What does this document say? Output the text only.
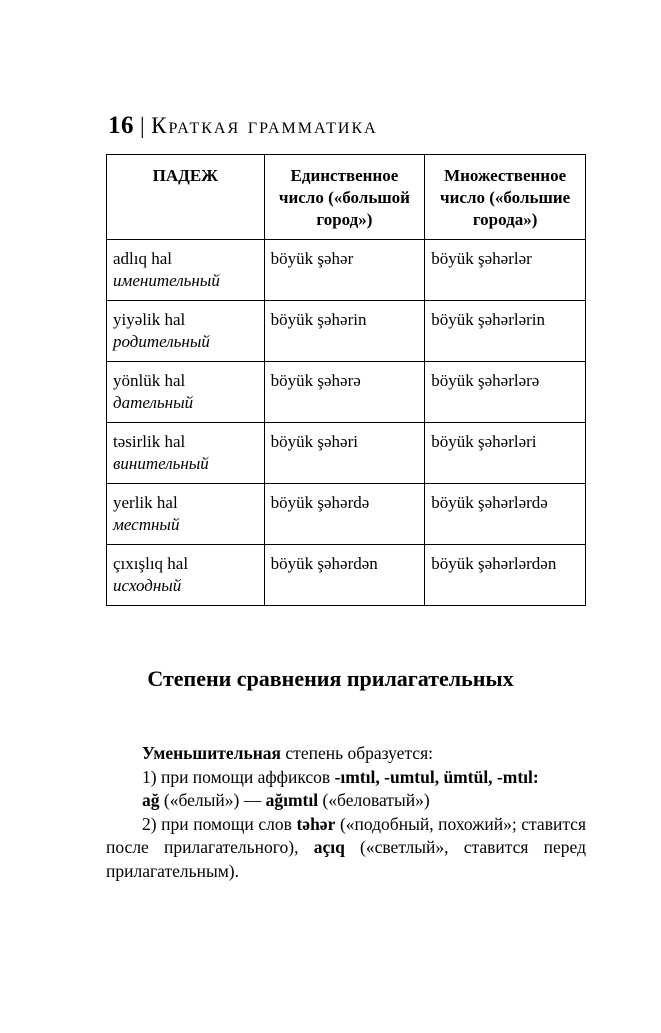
16 | Краткая грамматика
ПАДЕЖ	Единственное число («большой город»)	Множественное число («большие города»)
adlıq hal
именительный	böyük şəhər	böyük şəhərlər
yiyəlik hal
родительный	böyük şəhərin	böyük şəhərlərin
yönlük hal
дательный	böyük şəhərə	böyük şəhərlərə
təsirlik hal
винительный	böyük şəhəri	böyük şəhərləri
yerlik hal
местный	böyük şəhərdə	böyük şəhərlərdə
çıxışlıq hal
исходный	böyük şəhərdən	böyük şəhərlərdən
Степени сравнения прилагательных

Уменьшительная степень образуется:

1) при помощи аффиксов -ımtıl, -umtul, ümtül, -mtıl:

ağ («белый») — ağımtıl («беловатый»)

2) при помощи слов təhər («подобный, похожий»; ставится после прилагательного), açıq («светлый», ставится перед прилагательным).
